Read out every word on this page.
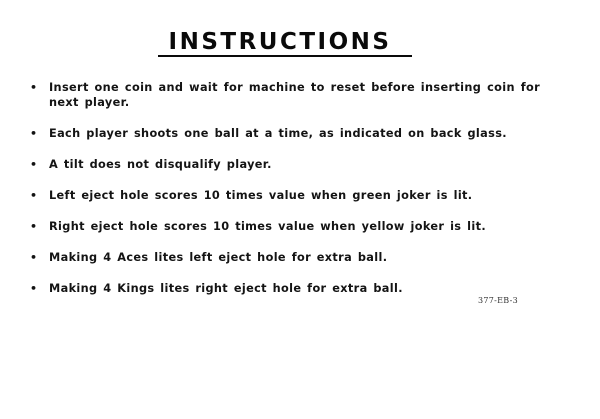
INSTRUCTIONS
• Insert one coin and wait for machine to reset before inserting coin for next player.
• Each player shoots one ball at a time, as indicated on back glass.
• A tilt does not disqualify player.
• Left eject hole scores 10 times value when green joker is lit.
• Right eject hole scores 10 times value when yellow joker is lit.
• Making 4 Aces lites left eject hole for extra ball.
• Making 4 Kings lites right eject hole for extra ball.
377-EB-3
